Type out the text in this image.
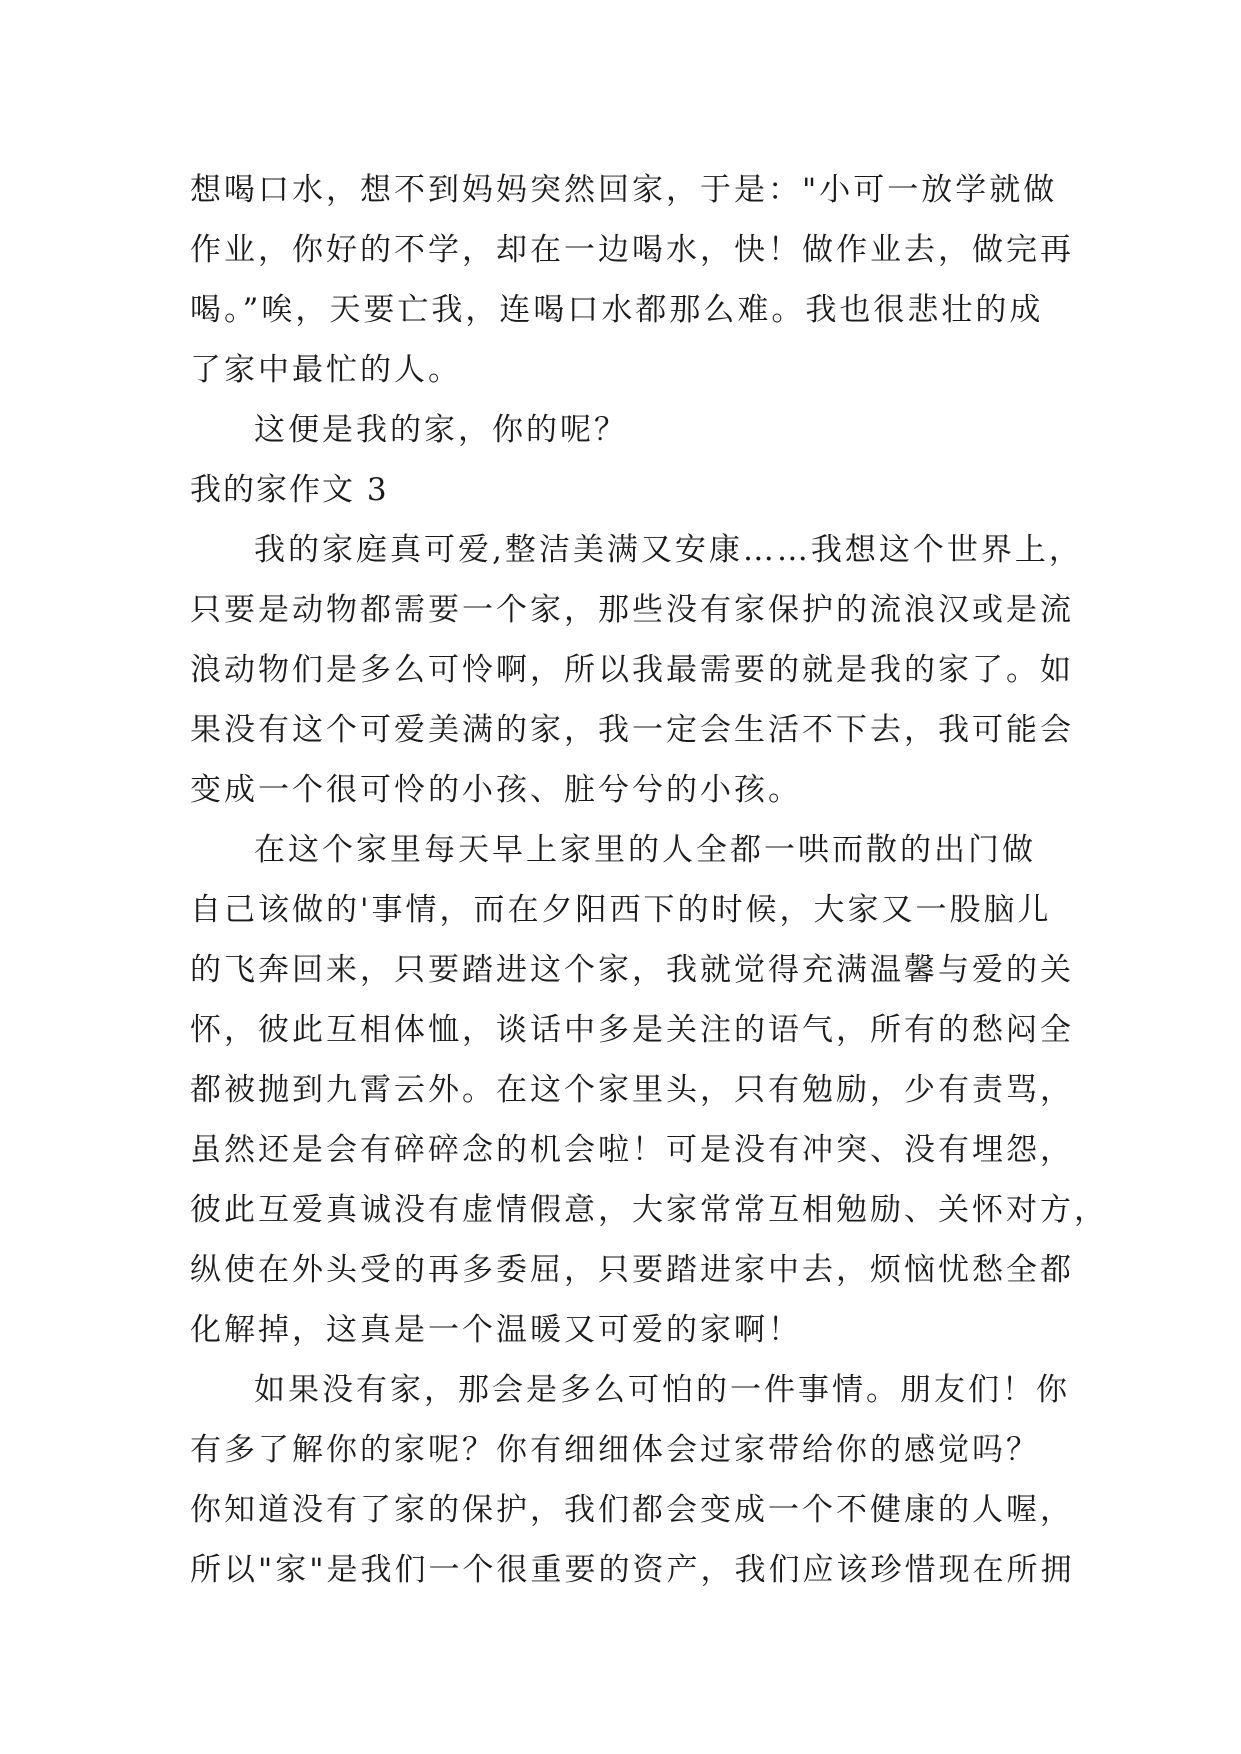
想喝口水，想不到妈妈突然回家，于是："小可一放学就做
作业，你好的不学，却在一边喝水，快！做作业去，做完再
喝。”唉，天要亡我，连喝口水都那么难。我也很悲壮的成
了家中最忙的人。
这便是我的家，你的呢？
我的家作文 3
我的家庭真可爱,整洁美满又安康……我想这个世界上，
只要是动物都需要一个家，那些没有家保护的流浪汉或是流
浪动物们是多么可怜啊，所以我最需要的就是我的家了。如
果没有这个可爱美满的家，我一定会生活不下去，我可能会
变成一个很可怜的小孩、脏兮兮的小孩。
在这个家里每天早上家里的人全都一哄而散的出门做
自己该做的'事情，而在夕阳西下的时候，大家又一股脑儿
的飞奔回来，只要踏进这个家，我就觉得充满温馨与爱的关
怀，彼此互相体恤，谈话中多是关注的语气，所有的愁闷全
都被抛到九霄云外。在这个家里头，只有勉励，少有责骂，
虽然还是会有碎碎念的机会啦！可是没有冲突、没有埋怨，
彼此互爱真诚没有虚情假意，大家常常互相勉励、关怀对方，
纵使在外头受的再多委屈，只要踏进家中去，烦恼忧愁全都
化解掉，这真是一个温暖又可爱的家啊！
如果没有家，那会是多么可怕的一件事情。朋友们！你
有多了解你的家呢？你有细细体会过家带给你的感觉吗？
你知道没有了家的保护，我们都会变成一个不健康的人喔，
所以"家"是我们一个很重要的资产，我们应该珍惜现在所拥
